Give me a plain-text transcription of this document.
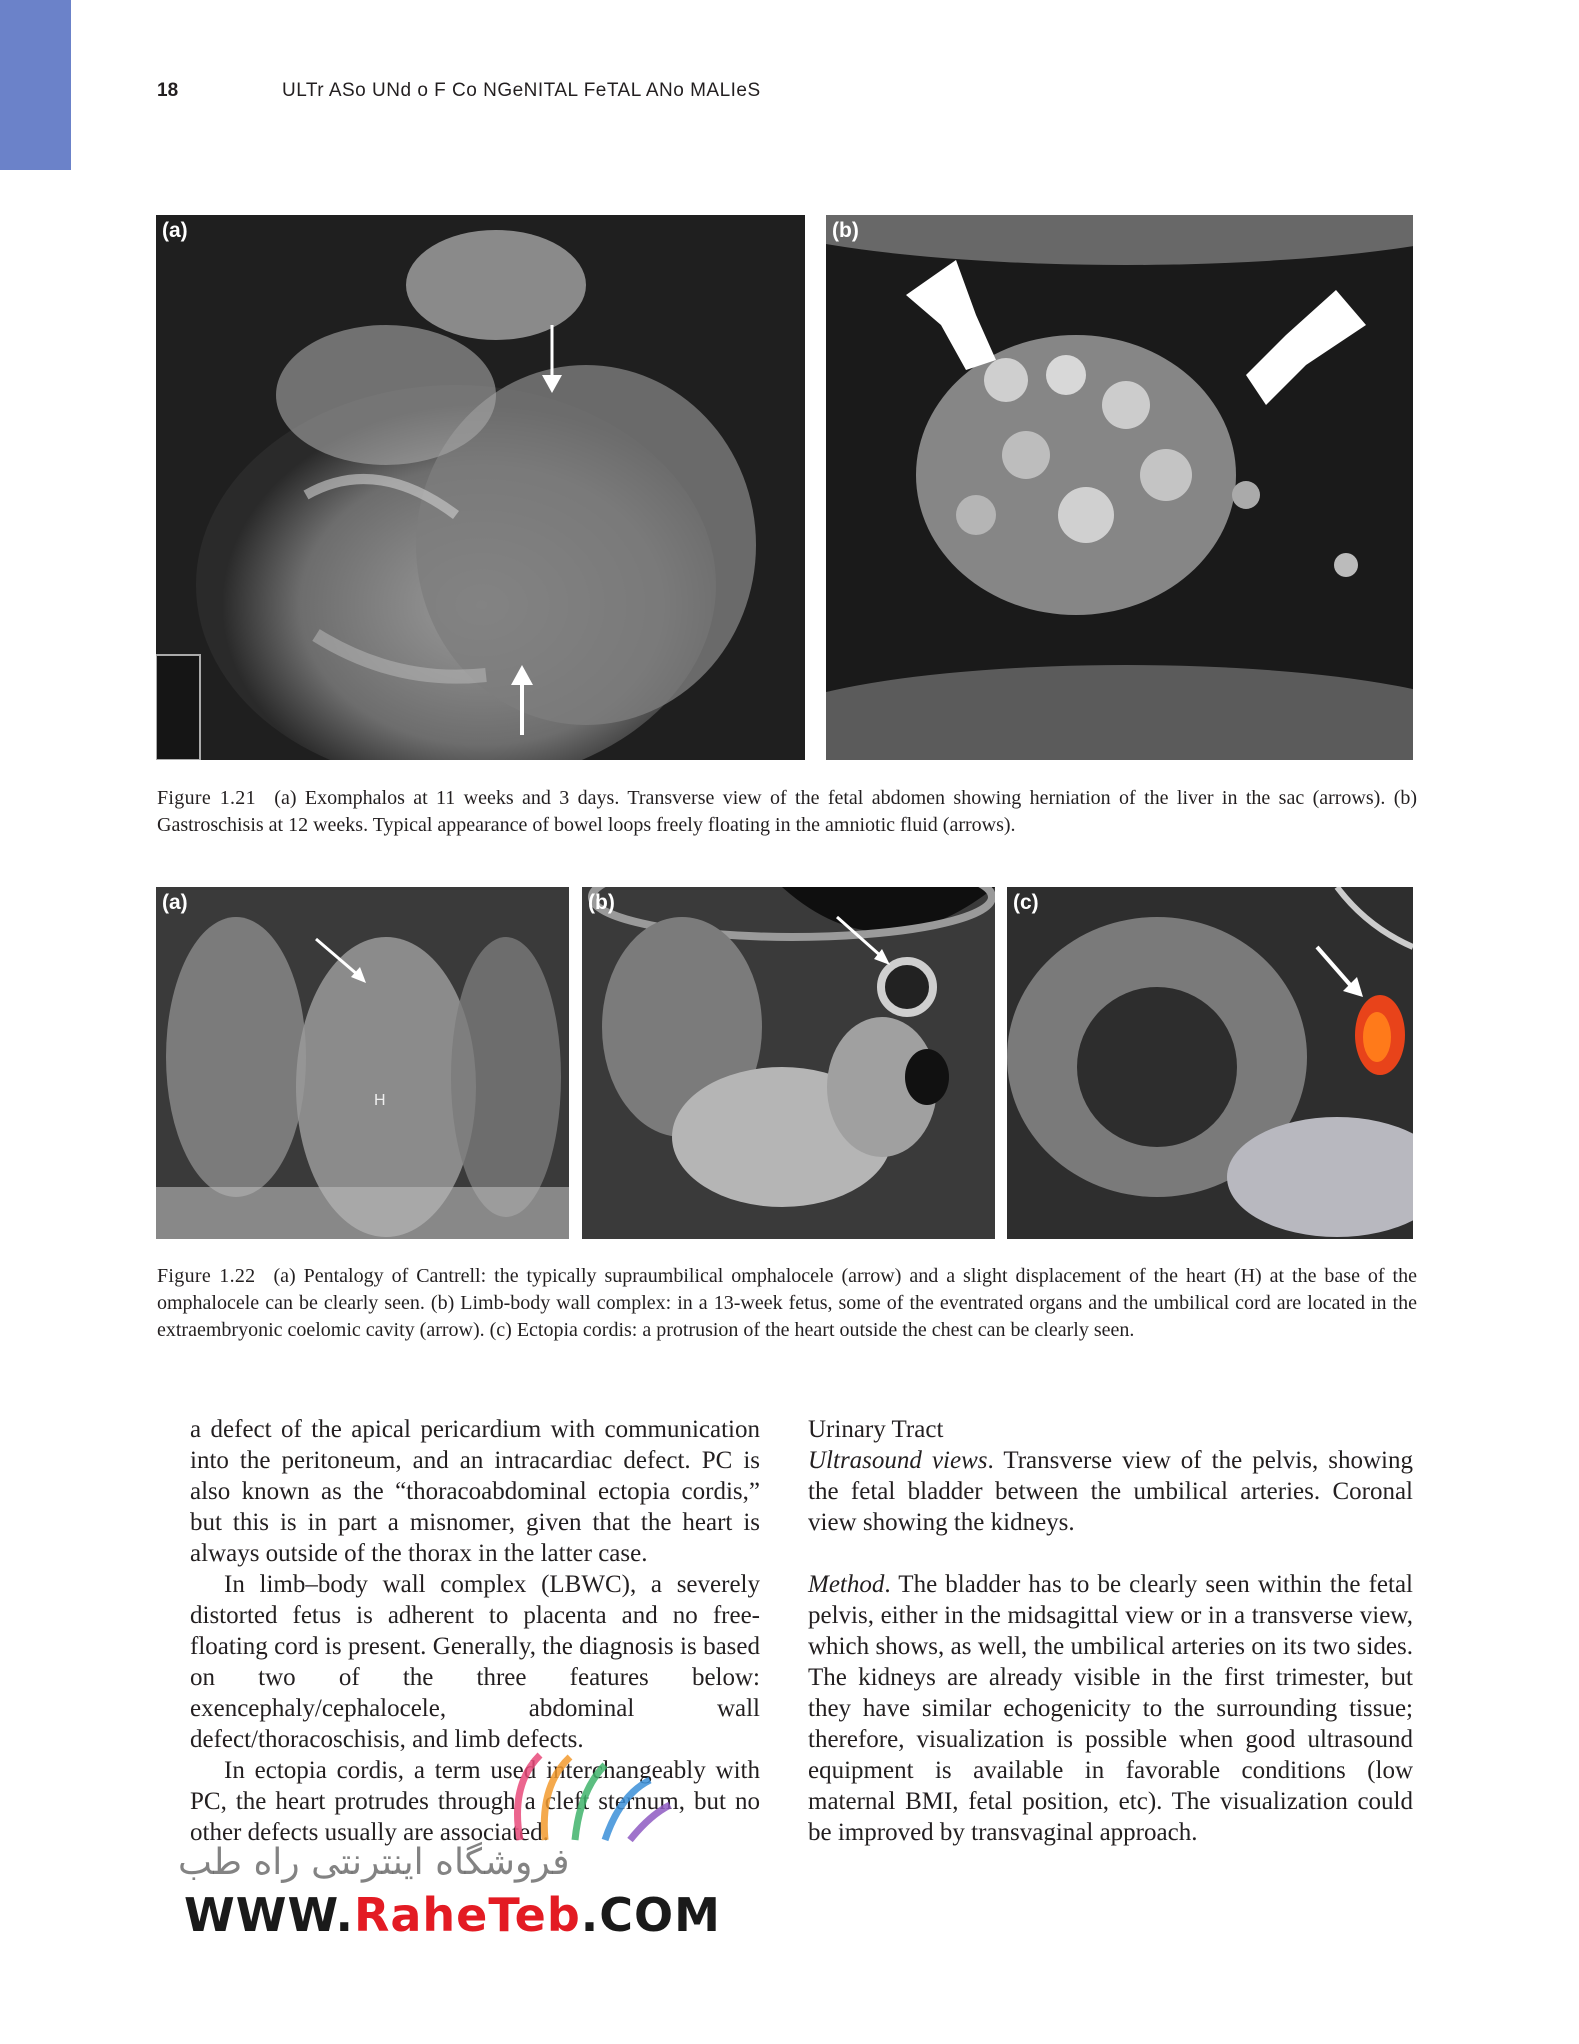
18	ULTr ASo UNd o F Co NGeNITAL FeTAL ANo MALIeS
(a)	(b)
Figure 1.21 (a) Exomphalos at 11 weeks and 3 days. Transverse view of the fetal abdomen showing herniation of the liver in the sac (arrows). (b) Gastroschisis at 12 weeks. Typical appearance of bowel loops freely floating in the amniotic fluid (arrows).
(a)
H
(b)	(c)
Figure 1.22 (a) Pentalogy of Cantrell: the typically supraumbilical omphalocele (arrow) and a slight displacement of the heart (H) at the base of the omphalocele can be clearly seen. (b) Limb-body wall complex: in a 13-week fetus, some of the eventrated organs and the umbilical cord are located in the extraembryonic coelomic cavity (arrow). (c) Ectopia cordis: a protrusion of the heart outside the chest can be clearly seen.

a defect of the apical pericardium with communication into the peritoneum, and an intracardiac defect. PC is also known as the “thoracoabdominal ectopia cordis,” but this is in part a misnomer, given that the heart is always outside of the thorax in the latter case.

In limb–body wall complex (LBWC), a severely distorted fetus is adherent to placenta and no free-floating cord is present. Generally, the diagnosis is based on two of the three features below: exencephaly/cephalocele, abdominal wall defect/thoracoschisis, and limb defects.

In ectopia cordis, a term used interchangeably with PC, the heart protrudes through a cleft sternum, but no other defects usually are associated.

Urinary Tract

Ultrasound views. Transverse view of the pelvis, showing the fetal bladder between the umbilical arteries. Coronal view showing the kidneys.

Method. The bladder has to be clearly seen within the fetal pelvis, either in the midsagittal view or in a transverse view, which shows, as well, the umbilical arteries on its two sides. The kidneys are already visible in the first trimester, but they have similar echogenicity to the surrounding tissue; therefore, visualization is possible when good ultrasound equipment is available in favorable conditions (low maternal BMI, fetal position, etc). The visualization could be improved by transvaginal approach.

فروشگاه اینترنتی راه طب
WWW.RaheTeb.COM
